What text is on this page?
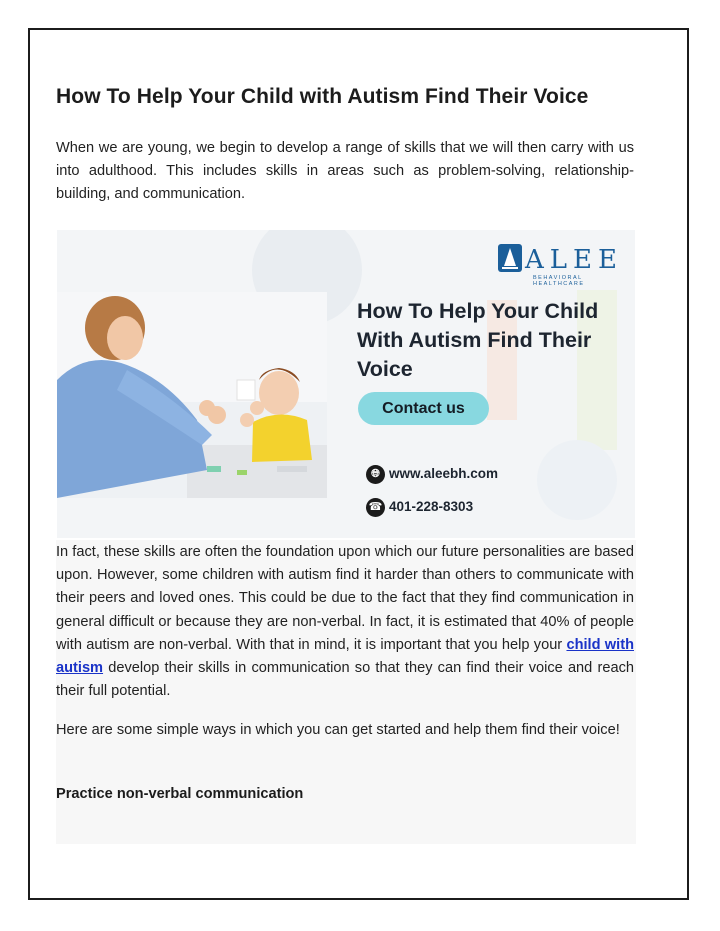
How To Help Your Child with Autism Find Their Voice
When we are young, we begin to develop a range of skills that we will then carry with us into adulthood. This includes skills in areas such as problem-solving, relationship-building, and communication.
ALEE
BEHAVIORAL HEALTHCARE
How To Help Your Child With Autism Find Their Voice
Contact us
🌐︎ www.aleebh.com
☎ 401-228-8303
In fact, these skills are often the foundation upon which our future personalities are based upon. However, some children with autism find it harder than others to communicate with their peers and loved ones. This could be due to the fact that they find communication in general difficult or because they are non-verbal. In fact, it is estimated that 40% of people with autism are non-verbal. With that in mind, it is important that you help your child with autism develop their skills in communication so that they can find their voice and reach their full potential.
Here are some simple ways in which you can get started and help them find their voice!
Practice non-verbal communication
